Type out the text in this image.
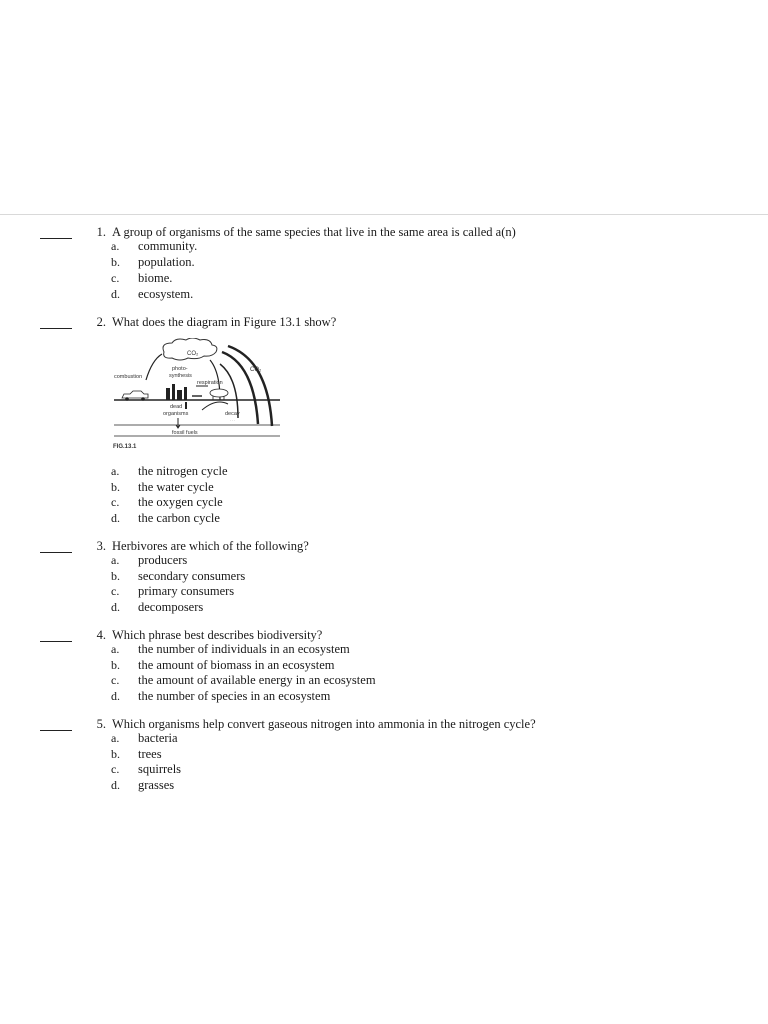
1. A group of organisms of the same species that live in the same area is called a(n)
a. community.
b. population.
c. biome.
d. ecosystem.
2. What does the diagram in Figure 13.1 show?
CO₂
CO₂
combustion
photo-
synthesis
respiration
dead
organisms	decay
. . .
fossil fuels
FIG.13.1
a. the nitrogen cycle
b. the water cycle
c. the oxygen cycle
d. the carbon cycle
3. Herbivores are which of the following?
a. producers
b. secondary consumers
c. primary consumers
d. decomposers
4. Which phrase best describes biodiversity?
a. the number of individuals in an ecosystem
b. the amount of biomass in an ecosystem
c. the amount of available energy in an ecosystem
d. the number of species in an ecosystem
5. Which organisms help convert gaseous nitrogen into ammonia in the nitrogen cycle?
a. bacteria
b. trees
c. squirrels
d. grasses
